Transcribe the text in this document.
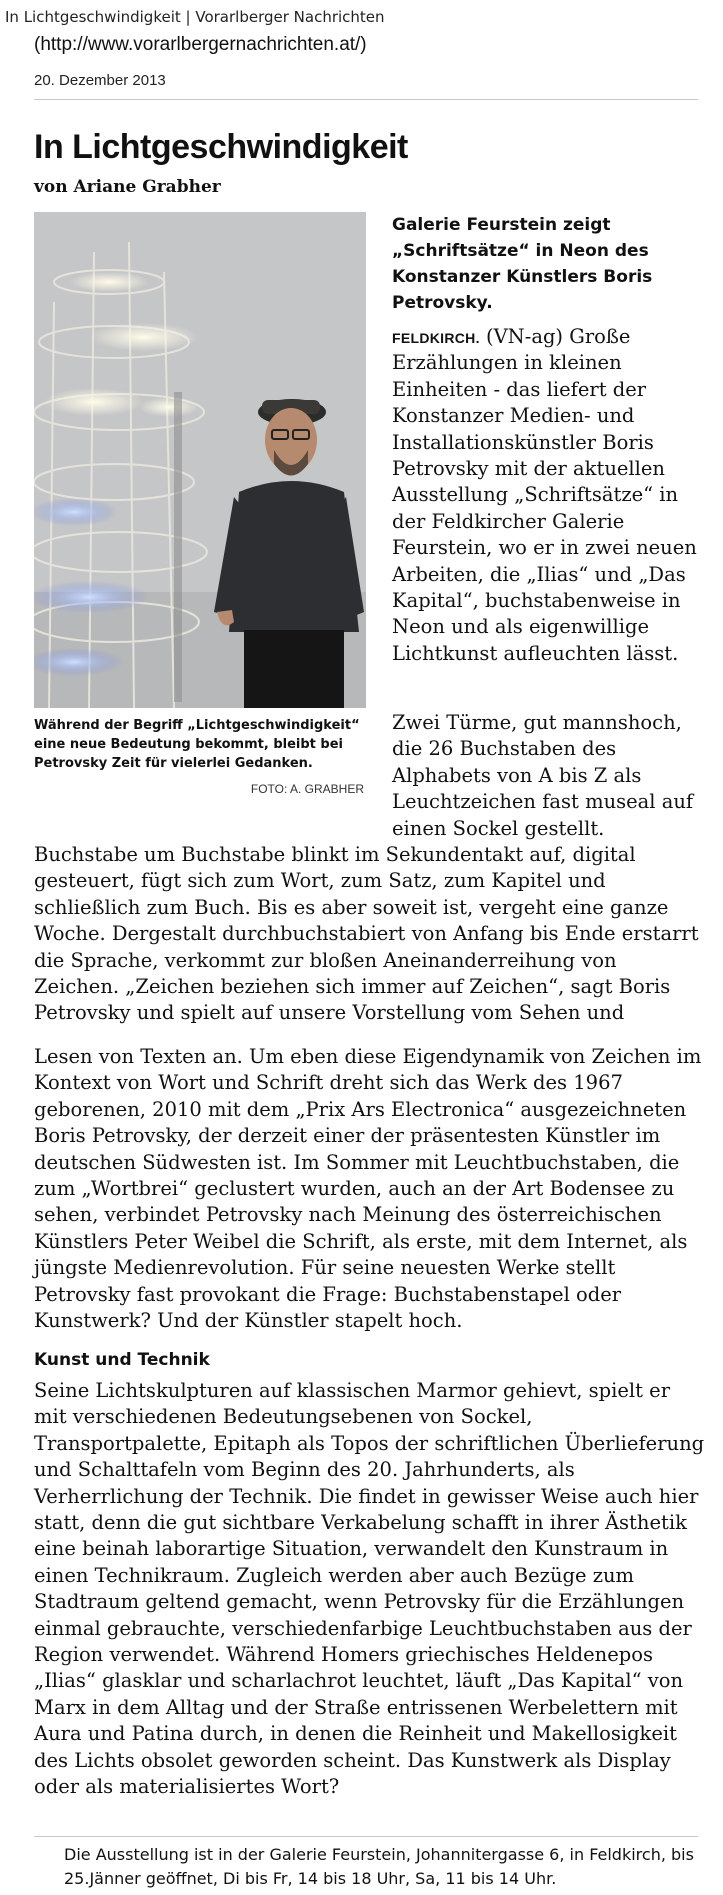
In Lichtgeschwindigkeit | Vorarlberger Nachrichten
(http://www.vorarlbergernachrichten.at/)
20. Dezember 2013
In Lichtgeschwindigkeit
von Ariane Grabher
Während der Begriff „Lichtgeschwindigkeit“ eine neue Bedeutung bekommt, bleibt bei Petrovsky Zeit für vielerlei Gedanken.
FOTO: A. GRABHER
Galerie Feurstein zeigt „Schriftsätze“ in Neon des Konstanzer Künstlers Boris Petrovsky.
FELDKIRCH. (VN-ag) Große Erzählungen in kleinen Einheiten - das liefert der Konstanzer Medien- und Installationskünstler Boris Petrovsky mit der aktuellen Ausstellung „Schriftsätze“ in der Feldkircher Galerie Feurstein, wo er in zwei neuen Arbeiten, die „Ilias“ und „Das Kapital“, buchstabenweise in Neon und als eigenwillige Lichtkunst aufleuchten lässt.
Zwei Türme, gut mannshoch, die 26 Buchstaben des Alphabets von A bis Z als Leuchtzeichen fast museal auf einen Sockel gestellt.
Buchstabe um Buchstabe blinkt im Sekundentakt auf, digital gesteuert, fügt sich zum Wort, zum Satz, zum Kapitel und schließlich zum Buch. Bis es aber soweit ist, vergeht eine ganze Woche. Dergestalt durchbuchstabiert von Anfang bis Ende erstarrt die Sprache, verkommt zur bloßen Aneinanderreihung von Zeichen. „Zeichen beziehen sich immer auf Zeichen“, sagt Boris Petrovsky und spielt auf unsere Vorstellung vom Sehen und
Lesen von Texten an. Um eben diese Eigendynamik von Zeichen im Kontext von Wort und Schrift dreht sich das Werk des 1967 geborenen, 2010 mit dem „Prix Ars Electronica“ ausgezeichneten Boris Petrovsky, der derzeit einer der präsentesten Künstler im deutschen Südwesten ist. Im Sommer mit Leuchtbuchstaben, die zum „Wortbrei“ geclustert wurden, auch an der Art Bodensee zu sehen, verbindet Petrovsky nach Meinung des österreichischen Künstlers Peter Weibel die Schrift, als erste, mit dem Internet, als jüngste Medienrevolution. Für seine neuesten Werke stellt Petrovsky fast provokant die Frage: Buchstabenstapel oder Kunstwerk? Und der Künstler stapelt hoch.
Kunst und Technik
Seine Lichtskulpturen auf klassischen Marmor gehievt, spielt er mit verschiedenen Bedeutungsebenen von Sockel, Transportpalette, Epitaph als Topos der schriftlichen Überlieferung und Schalttafeln vom Beginn des 20. Jahrhunderts, als Verherrlichung der Technik. Die findet in gewisser Weise auch hier statt, denn die gut sichtbare Verkabelung schafft in ihrer Ästhetik eine beinah laborartige Situation, verwandelt den Kunstraum in einen Technikraum. Zugleich werden aber auch Bezüge zum Stadtraum geltend gemacht, wenn Petrovsky für die Erzählungen einmal gebrauchte, verschiedenfarbige Leuchtbuchstaben aus der Region verwendet. Während Homers griechisches Heldenepos „Ilias“ glasklar und scharlachrot leuchtet, läuft „Das Kapital“ von Marx in dem Alltag und der Straße entrissenen Werbelettern mit Aura und Patina durch, in denen die Reinheit und Makellosigkeit des Lichts obsolet geworden scheint. Das Kunstwerk als Display oder als materialisiertes Wort?
Die Ausstellung ist in der Galerie Feurstein, Johannitergasse 6, in Feldkirch, bis 25.Jänner geöffnet, Di bis Fr, 14 bis 18 Uhr, Sa, 11 bis 14 Uhr.
